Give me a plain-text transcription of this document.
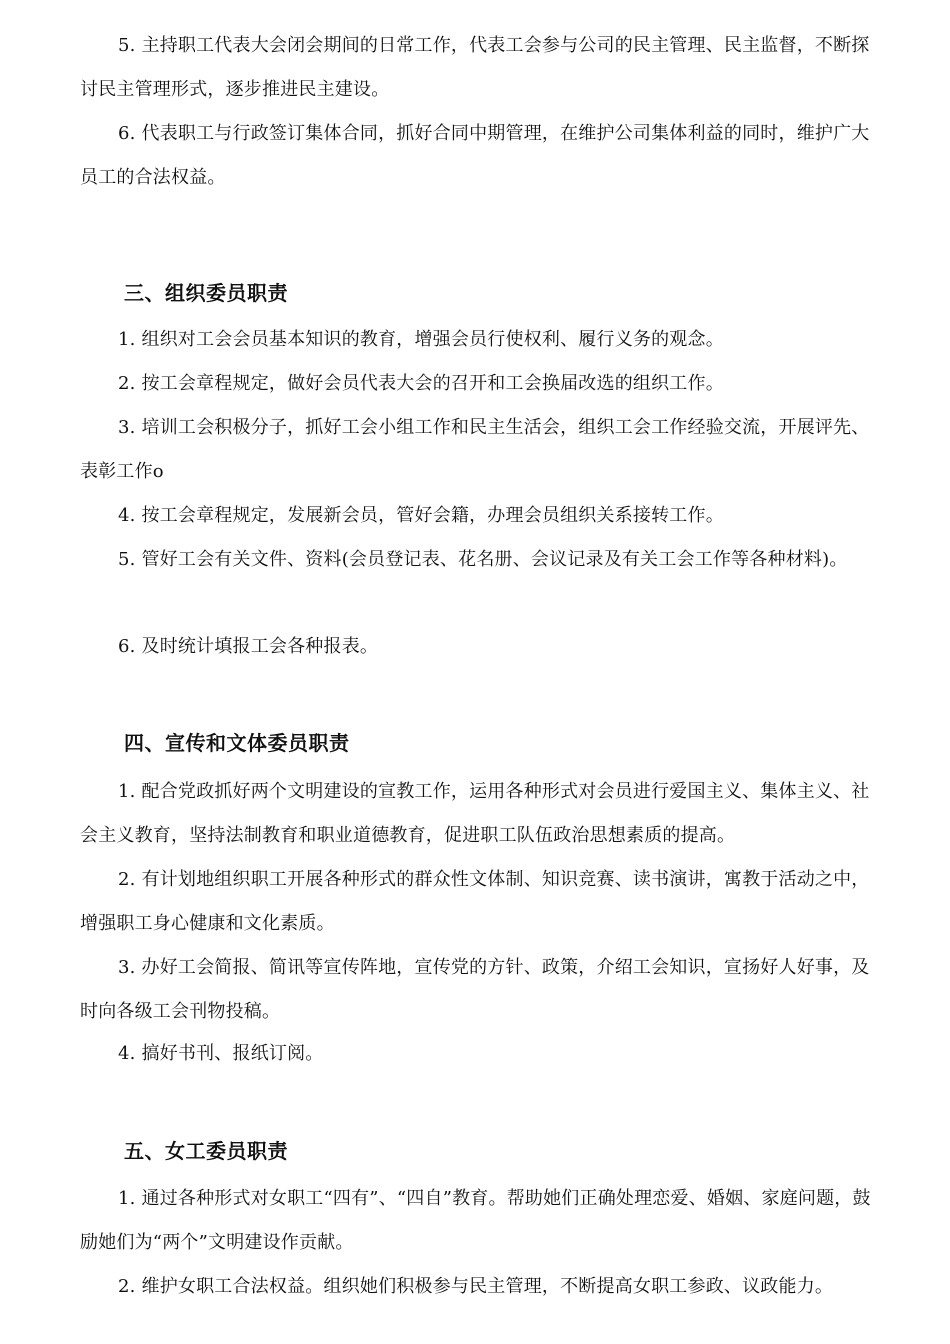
5. 主持职工代表大会闭会期间的日常工作，代表工会参与公司的民主管理、民主监督，不断探讨民主管理形式，逐步推进民主建设。

6. 代表职工与行政签订集体合同，抓好合同中期管理，在维护公司集体利益的同时，维护广大员工的合法权益。

三、组织委员职责

1. 组织对工会会员基本知识的教育，增强会员行使权利、履行义务的观念。

2. 按工会章程规定，做好会员代表大会的召开和工会换届改选的组织工作。

3. 培训工会积极分子，抓好工会小组工作和民主生活会，组织工会工作经验交流，开展评先、表彰工作o

4. 按工会章程规定，发展新会员，管好会籍，办理会员组织关系接转工作。

5. 管好工会有关文件、资料(会员登记表、花名册、会议记录及有关工会工作等各种材料)。

6. 及时统计填报工会各种报表。

四、宣传和文体委员职责

1. 配合党政抓好两个文明建设的宣教工作，运用各种形式对会员进行爱国主义、集体主义、社会主义教育，坚持法制教育和职业道德教育，促进职工队伍政治思想素质的提高。

2. 有计划地组织职工开展各种形式的群众性文体制、知识竞赛、读书演讲，寓教于活动之中，增强职工身心健康和文化素质。

3. 办好工会简报、简讯等宣传阵地，宣传党的方针、政策，介绍工会知识，宣扬好人好事，及时向各级工会刊物投稿。

4. 搞好书刊、报纸订阅。

五、女工委员职责

1. 通过各种形式对女职工“四有”、“四自”教育。帮助她们正确处理恋爱、婚姻、家庭问题，鼓励她们为“两个”文明建设作贡献。

2. 维护女职工合法权益。组织她们积极参与民主管理，不断提高女职工参政、议政能力。
